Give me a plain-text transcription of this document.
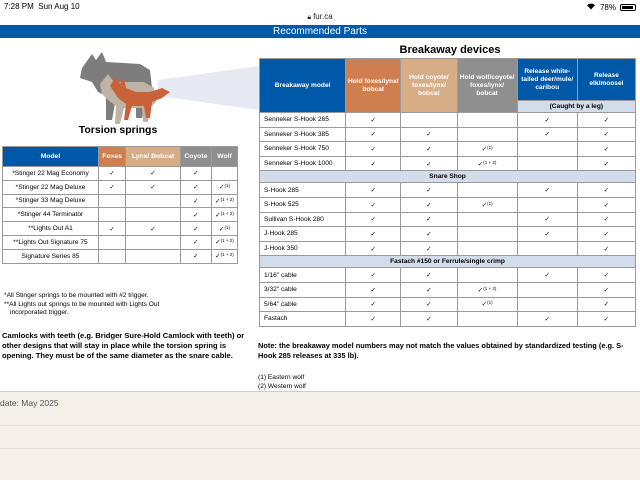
7:28 PM Sun Aug 10	78%
🔒︎ fur.ca
Recommended Parts
Torsion springs
Model	Foxes	Lynx/ Bobcat	Coyote	Wolf
*Stinger 22 Mag Economy	✓	✓	✓	
*Stinger 22 Mag Deluxe	✓	✓	✓	✓$^{(1)}$
*Stinger 33 Mag Deluxe			✓	✓$^{(1 + 2)}$
*Stinger 44 Terminator			✓	✓$^{(1 + 2)}$
**Lights Out A1	✓	✓	✓	✓$^{(1)}$
**Lights Out Signature 75			✓	✓$^{(1 + 2)}$
Signature Series 85			✓	✓$^{(1 + 2)}$
*All Stinger springs to be mounted with #2 trigger.
**All Lights out springs to be mounted with Lights Out
incorporated trigger.
Camlocks with teeth (e.g. Bridger Sure-Hold Camlock with teeth) or other designs that will stay in place while the torsion spring is opening. They must be of the same diameter as the snare cable.
Breakaway devices
Breakaway model	Hold foxes/lynx/ bobcat	Hold coyote/ foxes/lynx/ bobcat	Hold wolf/coyote/ foxes/lynx/ bobcat	Release white-tailed deer/mule/ caribou	Release elk/moosel
				(Caught by a leg)	
Senneker S-Hook 265	✓			✓	✓
Senneker S-Hook 385	✓	✓		✓	✓
Senneker S-Hook 750	✓	✓	✓$^{(1)}$		✓
Senneker S-Hook 1000	✓	✓	✓$^{(1 + 2)}$		✓
Snare Shop					
S-Hook 285	✓	✓		✓	✓
S-Hook 525	✓	✓	✓$^{(1)}$		✓
Sullivan S-Hook 280	✓	✓		✓	✓
J-Hook 285	✓	✓		✓	✓
J-Hook 350	✓	✓			✓
Fastach #150 or Ferrule/single crimp					
1/16" cable	✓	✓		✓	✓
3/32" cable	✓	✓	✓$^{(1 + 2)}$		✓
5/64" cable	✓	✓	✓$^{(1)}$		✓
Fastach	✓	✓		✓	✓
Note: the breakaway model numbers may not match the values obtained by standardized testing (e.g. S-Hook 285 releases at 335 lb).
(1) Eastern wolf
(2) Western wolf
date: May 2025
